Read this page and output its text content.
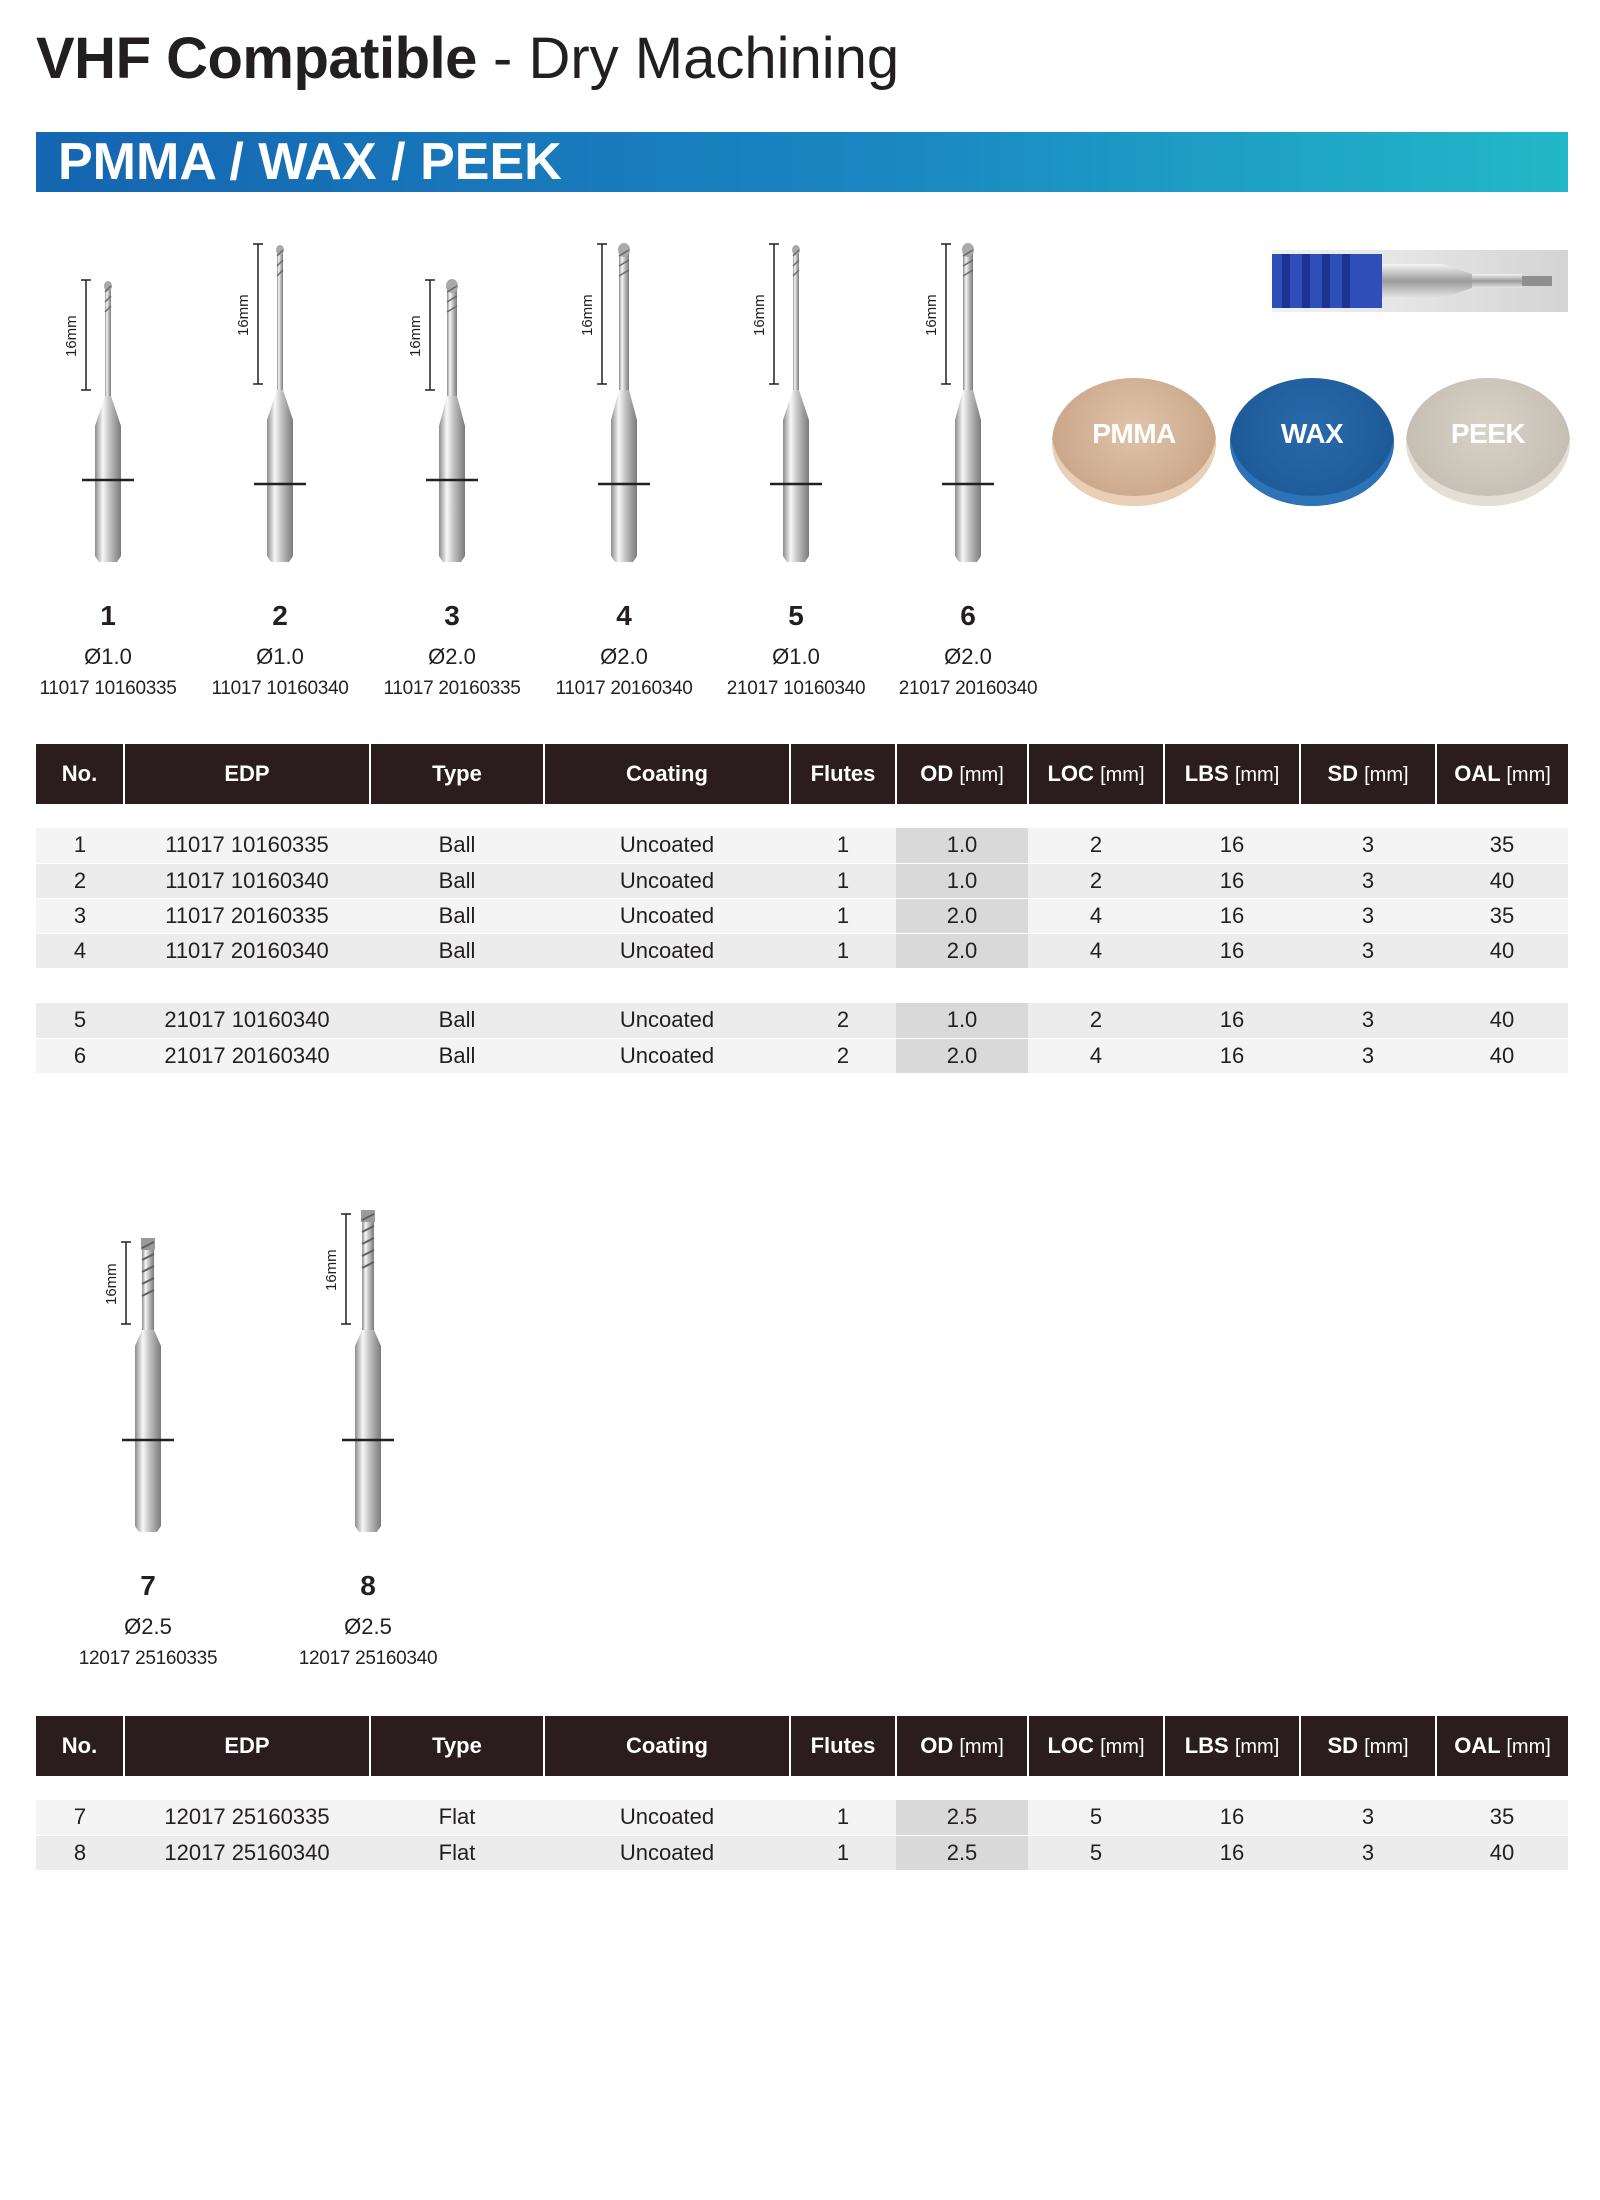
VHF Compatible - Dry Machining
PMMA / WAX / PEEK
16mm
1
Ø1.0
11017 10160335
16mm
2
Ø1.0
11017 10160340
16mm
3
Ø2.0
11017 20160335
16mm
4
Ø2.0
11017 20160340
16mm
5
Ø1.0
21017 10160340
16mm
6
Ø2.0
21017 20160340
16mm
7
Ø2.5
12017 25160335
16mm
8
Ø2.5
12017 25160340
PMMA	WAX	PEEK
No.	EDP	Type	Coating	Flutes	OD [mm]	LOC [mm]	LBS [mm]	SD [mm]	OAL [mm]

1	11017 10160335	Ball	Uncoated	1	1.0	2	16	3	35
2	11017 10160340	Ball	Uncoated	1	1.0	2	16	3	40
3	11017 20160335	Ball	Uncoated	1	2.0	4	16	3	35
4	11017 20160340	Ball	Uncoated	1	2.0	4	16	3	40

5	21017 10160340	Ball	Uncoated	2	1.0	2	16	3	40
6	21017 20160340	Ball	Uncoated	2	2.0	4	16	3	40
No.	EDP	Type	Coating	Flutes	OD [mm]	LOC [mm]	LBS [mm]	SD [mm]	OAL [mm]

7	12017 25160335	Flat	Uncoated	1	2.5	5	16	3	35
8	12017 25160340	Flat	Uncoated	1	2.5	5	16	3	40
